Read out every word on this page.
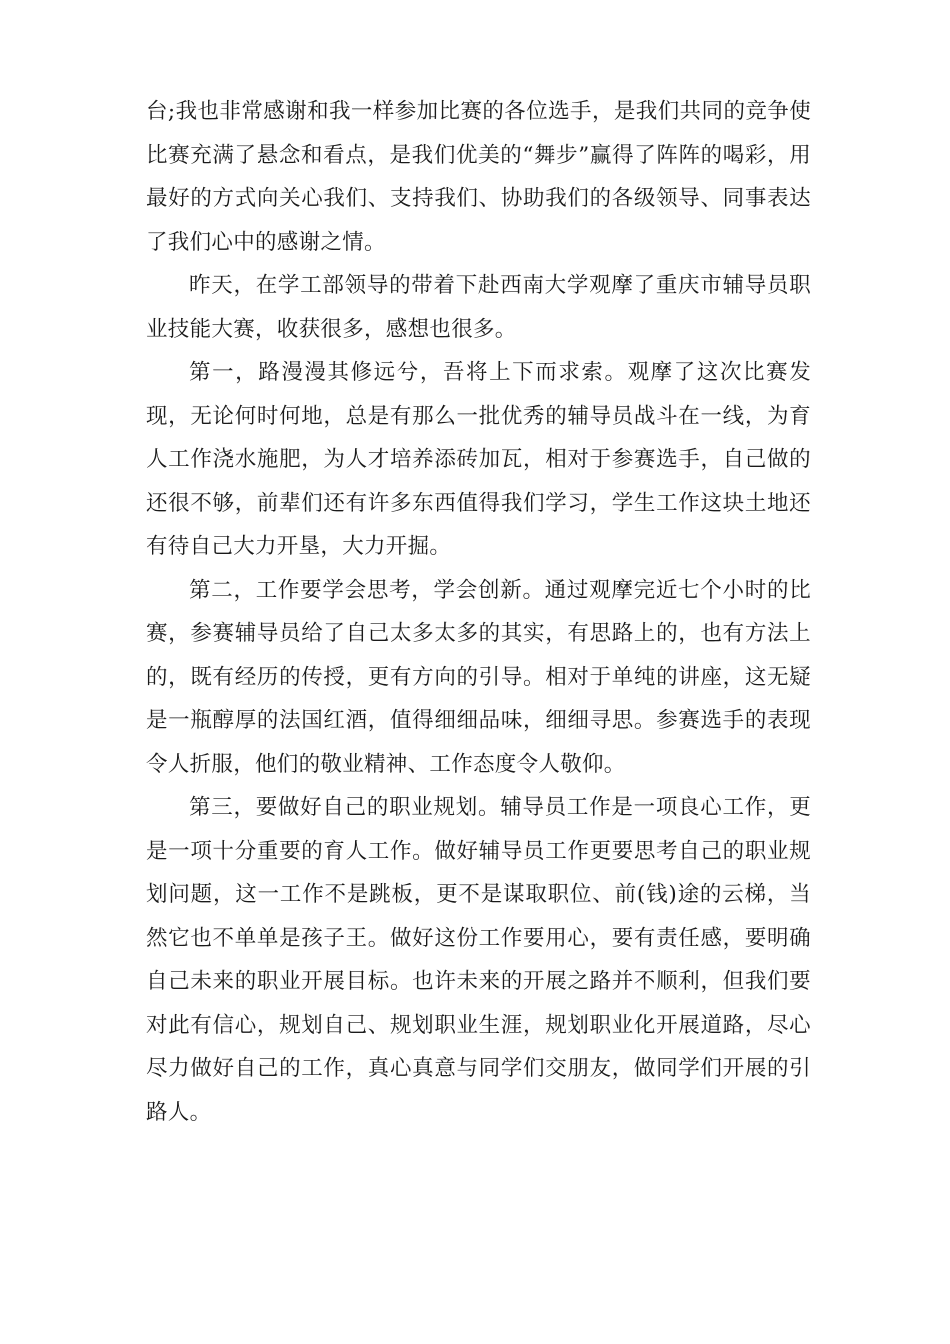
台;我也非常感谢和我一样参加比赛的各位选手，是我们共同的竞争使比赛充满了悬念和看点，是我们优美的“舞步”赢得了阵阵的喝彩，用最好的方式向关心我们、支持我们、协助我们的各级领导、同事表达了我们心中的感谢之情。

昨天，在学工部领导的带着下赴西南大学观摩了重庆市辅导员职业技能大赛，收获很多，感想也很多。

第一，路漫漫其修远兮，吾将上下而求索。观摩了这次比赛发现，无论何时何地，总是有那么一批优秀的辅导员战斗在一线，为育人工作浇水施肥，为人才培养添砖加瓦，相对于参赛选手，自己做的还很不够，前辈们还有许多东西值得我们学习，学生工作这块土地还有待自己大力开垦，大力开掘。

第二，工作要学会思考，学会创新。通过观摩完近七个小时的比赛，参赛辅导员给了自己太多太多的其实，有思路上的，也有方法上的，既有经历的传授，更有方向的引导。相对于单纯的讲座，这无疑是一瓶醇厚的法国红酒，值得细细品味，细细寻思。参赛选手的表现令人折服，他们的敬业精神、工作态度令人敬仰。

第三，要做好自己的职业规划。辅导员工作是一项良心工作，更是一项十分重要的育人工作。做好辅导员工作更要思考自己的职业规划问题，这一工作不是跳板，更不是谋取职位、前(钱)途的云梯，当然它也不单单是孩子王。做好这份工作要用心，要有责任感，要明确自己未来的职业开展目标。也许未来的开展之路并不顺利，但我们要对此有信心，规划自己、规划职业生涯，规划职业化开展道路，尽心尽力做好自己的工作，真心真意与同学们交朋友，做同学们开展的引路人。
